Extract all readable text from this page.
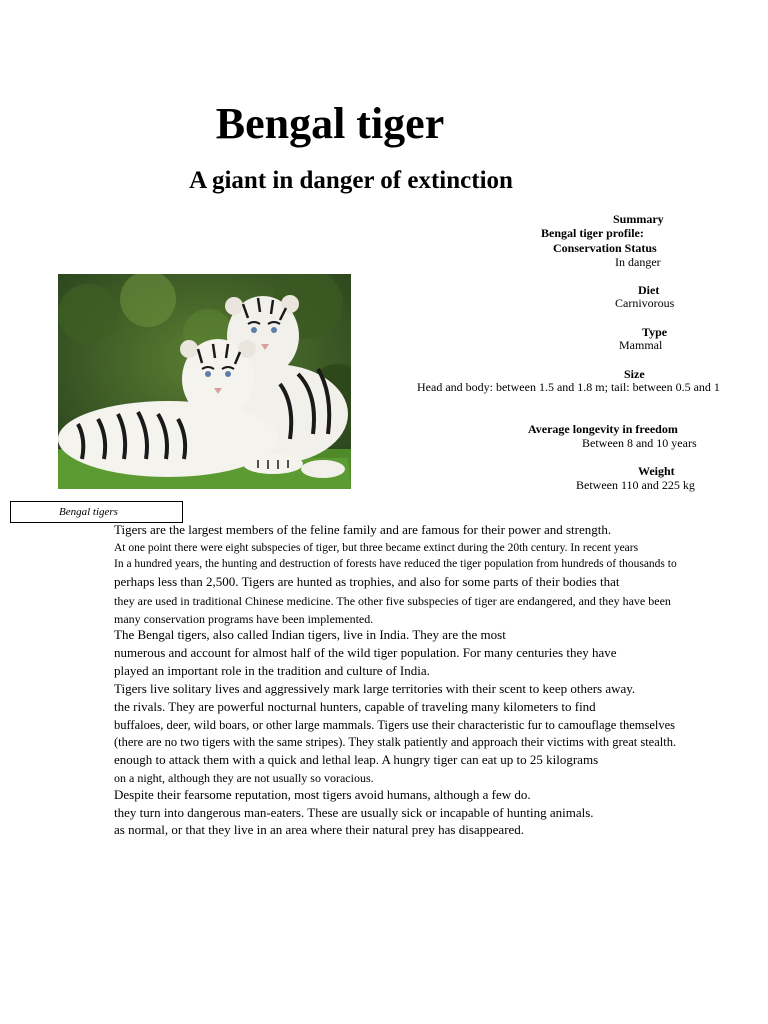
Bengal tiger
A giant in danger of extinction
Summary
Bengal tiger profile:
Conservation Status
In danger
Diet
Carnivorous
Type
Mammal
Size
Head and body: between 1.5 and 1.8 m; tail: between 0.5 and 1
Average longevity in freedom
Between 8 and 10 years
Weight
Between 110 and 225 kg
Bengal tigers
Tigers are the largest members of the feline family and are famous for their power and strength.
At one point there were eight subspecies of tiger, but three became extinct during the 20th century. In recent years
In a hundred years, the hunting and destruction of forests have reduced the tiger population from hundreds of thousands to
perhaps less than 2,500. Tigers are hunted as trophies, and also for some parts of their bodies that
they are used in traditional Chinese medicine. The other five subspecies of tiger are endangered, and they have been
many conservation programs have been implemented.
The Bengal tigers, also called Indian tigers, live in India. They are the most
numerous and account for almost half of the wild tiger population. For many centuries they have
played an important role in the tradition and culture of India.
Tigers live solitary lives and aggressively mark large territories with their scent to keep others away.
the rivals. They are powerful nocturnal hunters, capable of traveling many kilometers to find
buffaloes, deer, wild boars, or other large mammals. Tigers use their characteristic fur to camouflage themselves
(there are no two tigers with the same stripes). They stalk patiently and approach their victims with great stealth.
enough to attack them with a quick and lethal leap. A hungry tiger can eat up to 25 kilograms
on a night, although they are not usually so voracious.
Despite their fearsome reputation, most tigers avoid humans, although a few do.
they turn into dangerous man-eaters. These are usually sick or incapable of hunting animals.
as normal, or that they live in an area where their natural prey has disappeared.
